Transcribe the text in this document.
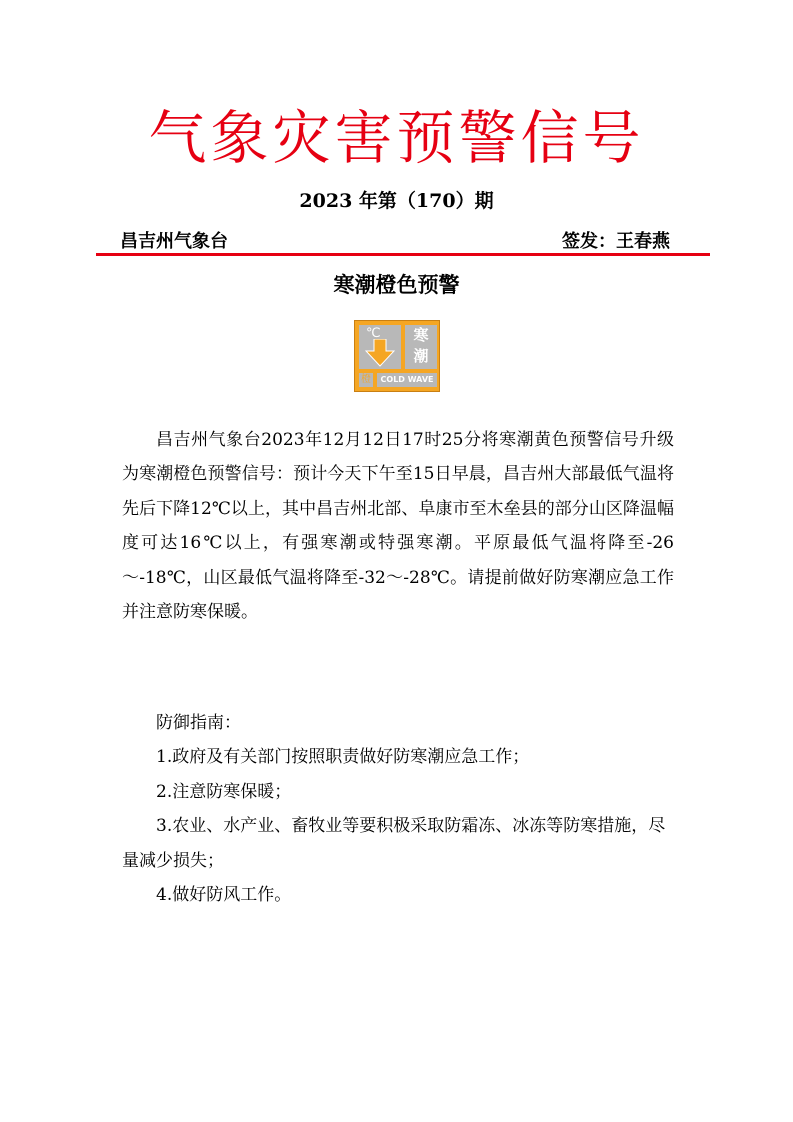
气象灾害预警信号
2023 年第（170）期
昌吉州气象台	签发：王春燕
寒潮橙色预警
℃	寒
潮
橙	COLD WAVE
昌吉州气象台2023年12月12日17时25分将寒潮黄色预警信号升级为寒潮橙色预警信号：预计今天下午至15日早晨，昌吉州大部最低气温将先后下降12℃以上，其中昌吉州北部、阜康市至木垒县的部分山区降温幅度可达16℃以上，有强寒潮或特强寒潮。平原最低气温将降至-26～-18℃，山区最低气温将降至-32～-28℃。请提前做好防寒潮应急工作并注意防寒保暖。

防御指南：

1.政府及有关部门按照职责做好防寒潮应急工作；

2.注意防寒保暖；

3.农业、水产业、畜牧业等要积极采取防霜冻、冰冻等防寒措施，尽量减少损失；

4.做好防风工作。
